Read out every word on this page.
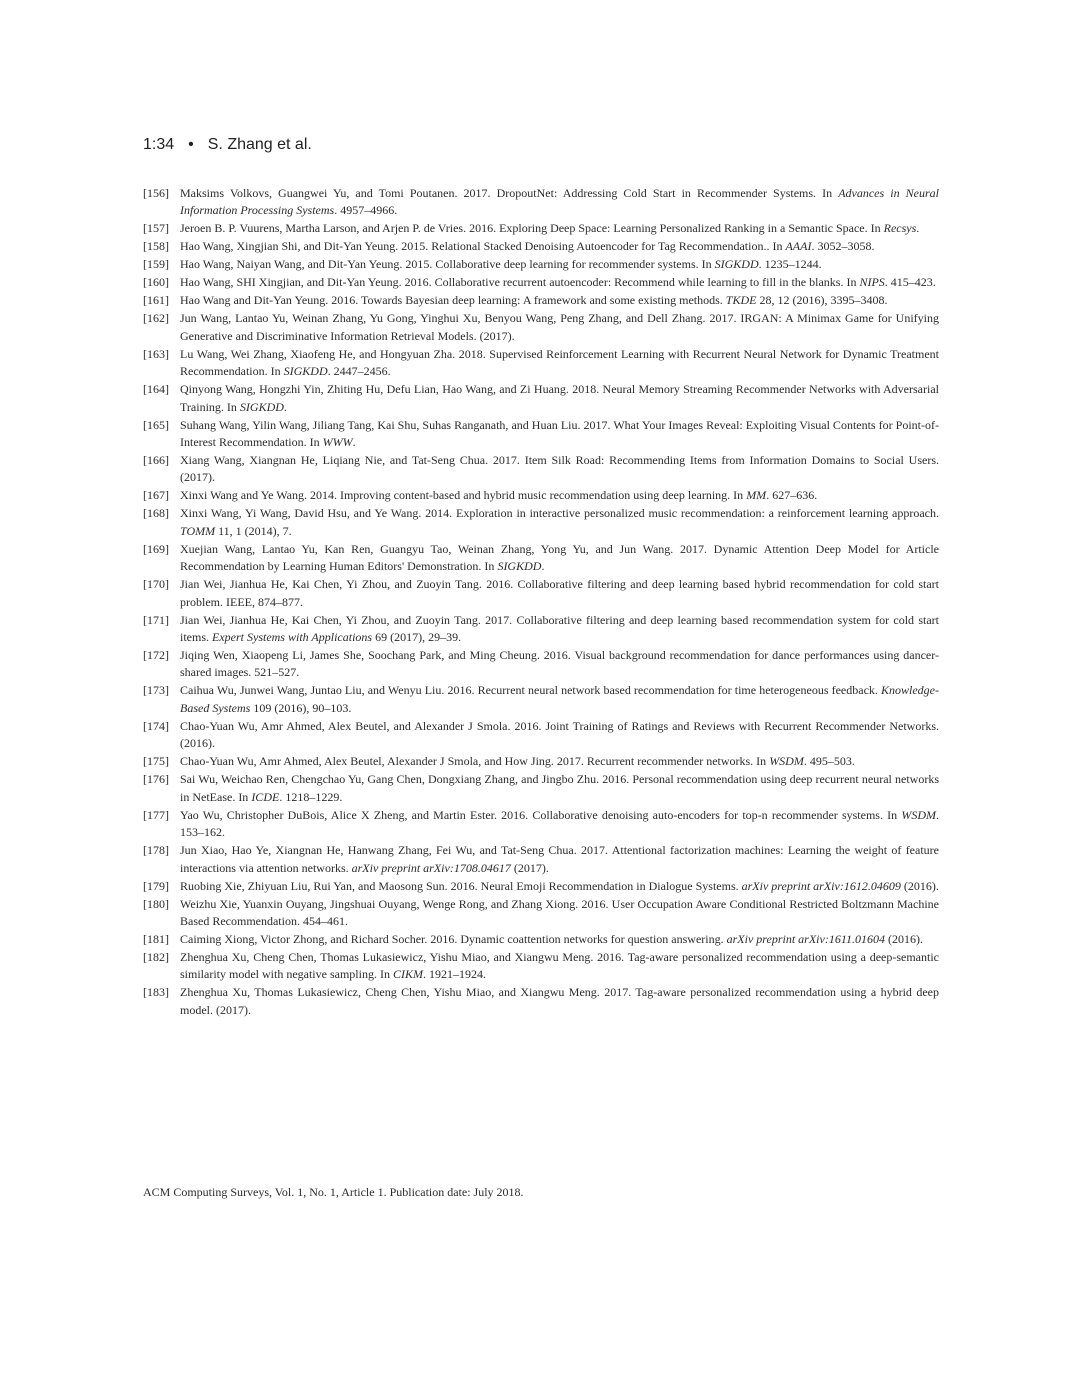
1:34 • S. Zhang et al.
[156] Maksims Volkovs, Guangwei Yu, and Tomi Poutanen. 2017. DropoutNet: Addressing Cold Start in Recommender Systems. In Advances in Neural Information Processing Systems. 4957–4966.
[157] Jeroen B. P. Vuurens, Martha Larson, and Arjen P. de Vries. 2016. Exploring Deep Space: Learning Personalized Ranking in a Semantic Space. In Recsys.
[158] Hao Wang, Xingjian Shi, and Dit-Yan Yeung. 2015. Relational Stacked Denoising Autoencoder for Tag Recommendation.. In AAAI. 3052–3058.
[159] Hao Wang, Naiyan Wang, and Dit-Yan Yeung. 2015. Collaborative deep learning for recommender systems. In SIGKDD. 1235–1244.
[160] Hao Wang, SHI Xingjian, and Dit-Yan Yeung. 2016. Collaborative recurrent autoencoder: Recommend while learning to fill in the blanks. In NIPS. 415–423.
[161] Hao Wang and Dit-Yan Yeung. 2016. Towards Bayesian deep learning: A framework and some existing methods. TKDE 28, 12 (2016), 3395–3408.
[162] Jun Wang, Lantao Yu, Weinan Zhang, Yu Gong, Yinghui Xu, Benyou Wang, Peng Zhang, and Dell Zhang. 2017. IRGAN: A Minimax Game for Unifying Generative and Discriminative Information Retrieval Models. (2017).
[163] Lu Wang, Wei Zhang, Xiaofeng He, and Hongyuan Zha. 2018. Supervised Reinforcement Learning with Recurrent Neural Network for Dynamic Treatment Recommendation. In SIGKDD. 2447–2456.
[164] Qinyong Wang, Hongzhi Yin, Zhiting Hu, Defu Lian, Hao Wang, and Zi Huang. 2018. Neural Memory Streaming Recommender Networks with Adversarial Training. In SIGKDD.
[165] Suhang Wang, Yilin Wang, Jiliang Tang, Kai Shu, Suhas Ranganath, and Huan Liu. 2017. What Your Images Reveal: Exploiting Visual Contents for Point-of-Interest Recommendation. In WWW.
[166] Xiang Wang, Xiangnan He, Liqiang Nie, and Tat-Seng Chua. 2017. Item Silk Road: Recommending Items from Information Domains to Social Users. (2017).
[167] Xinxi Wang and Ye Wang. 2014. Improving content-based and hybrid music recommendation using deep learning. In MM. 627–636.
[168] Xinxi Wang, Yi Wang, David Hsu, and Ye Wang. 2014. Exploration in interactive personalized music recommendation: a reinforcement learning approach. TOMM 11, 1 (2014), 7.
[169] Xuejian Wang, Lantao Yu, Kan Ren, Guangyu Tao, Weinan Zhang, Yong Yu, and Jun Wang. 2017. Dynamic Attention Deep Model for Article Recommendation by Learning Human Editors' Demonstration. In SIGKDD.
[170] Jian Wei, Jianhua He, Kai Chen, Yi Zhou, and Zuoyin Tang. 2016. Collaborative filtering and deep learning based hybrid recommendation for cold start problem. IEEE, 874–877.
[171] Jian Wei, Jianhua He, Kai Chen, Yi Zhou, and Zuoyin Tang. 2017. Collaborative filtering and deep learning based recommendation system for cold start items. Expert Systems with Applications 69 (2017), 29–39.
[172] Jiqing Wen, Xiaopeng Li, James She, Soochang Park, and Ming Cheung. 2016. Visual background recommendation for dance performances using dancer-shared images. 521–527.
[173] Caihua Wu, Junwei Wang, Juntao Liu, and Wenyu Liu. 2016. Recurrent neural network based recommendation for time heterogeneous feedback. Knowledge-Based Systems 109 (2016), 90–103.
[174] Chao-Yuan Wu, Amr Ahmed, Alex Beutel, and Alexander J Smola. 2016. Joint Training of Ratings and Reviews with Recurrent Recommender Networks. (2016).
[175] Chao-Yuan Wu, Amr Ahmed, Alex Beutel, Alexander J Smola, and How Jing. 2017. Recurrent recommender networks. In WSDM. 495–503.
[176] Sai Wu, Weichao Ren, Chengchao Yu, Gang Chen, Dongxiang Zhang, and Jingbo Zhu. 2016. Personal recommendation using deep recurrent neural networks in NetEase. In ICDE. 1218–1229.
[177] Yao Wu, Christopher DuBois, Alice X Zheng, and Martin Ester. 2016. Collaborative denoising auto-encoders for top-n recommender systems. In WSDM. 153–162.
[178] Jun Xiao, Hao Ye, Xiangnan He, Hanwang Zhang, Fei Wu, and Tat-Seng Chua. 2017. Attentional factorization machines: Learning the weight of feature interactions via attention networks. arXiv preprint arXiv:1708.04617 (2017).
[179] Ruobing Xie, Zhiyuan Liu, Rui Yan, and Maosong Sun. 2016. Neural Emoji Recommendation in Dialogue Systems. arXiv preprint arXiv:1612.04609 (2016).
[180] Weizhu Xie, Yuanxin Ouyang, Jingshuai Ouyang, Wenge Rong, and Zhang Xiong. 2016. User Occupation Aware Conditional Restricted Boltzmann Machine Based Recommendation. 454–461.
[181] Caiming Xiong, Victor Zhong, and Richard Socher. 2016. Dynamic coattention networks for question answering. arXiv preprint arXiv:1611.01604 (2016).
[182] Zhenghua Xu, Cheng Chen, Thomas Lukasiewicz, Yishu Miao, and Xiangwu Meng. 2016. Tag-aware personalized recommendation using a deep-semantic similarity model with negative sampling. In CIKM. 1921–1924.
[183] Zhenghua Xu, Thomas Lukasiewicz, Cheng Chen, Yishu Miao, and Xiangwu Meng. 2017. Tag-aware personalized recommendation using a hybrid deep model. (2017).
ACM Computing Surveys, Vol. 1, No. 1, Article 1. Publication date: July 2018.
